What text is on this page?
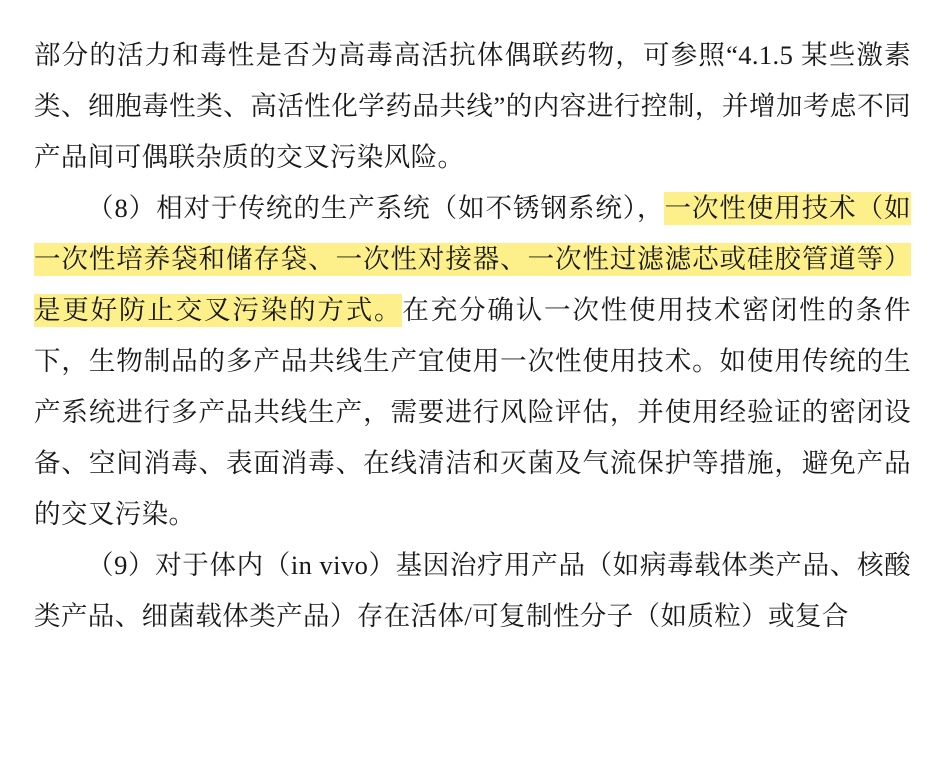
部分的活力和毒性是否为高毒高活抗体偶联药物，可参照“4.1.5 某些激素类、细胞毒性类、高活性化学药品共线”的内容进行控制，并增加考虑不同产品间可偶联杂质的交叉污染风险。

（8）相对于传统的生产系统（如不锈钢系统），一次性使用技术（如一次性培养袋和储存袋、一次性对接器、一次性过滤滤芯或硅胶管道等）是更好防止交叉污染的方式。在充分确认一次性使用技术密闭性的条件下，生物制品的多产品共线生产宜使用一次性使用技术。如使用传统的生产系统进行多产品共线生产，需要进行风险评估，并使用经验证的密闭设备、空间消毒、表面消毒、在线清洁和灭菌及气流保护等措施，避免产品的交叉污染。

（9）对于体内（in vivo）基因治疗用产品（如病毒载体类产品、核酸类产品、细菌载体类产品）存在活体/可复制性分子（如质粒）或复合
